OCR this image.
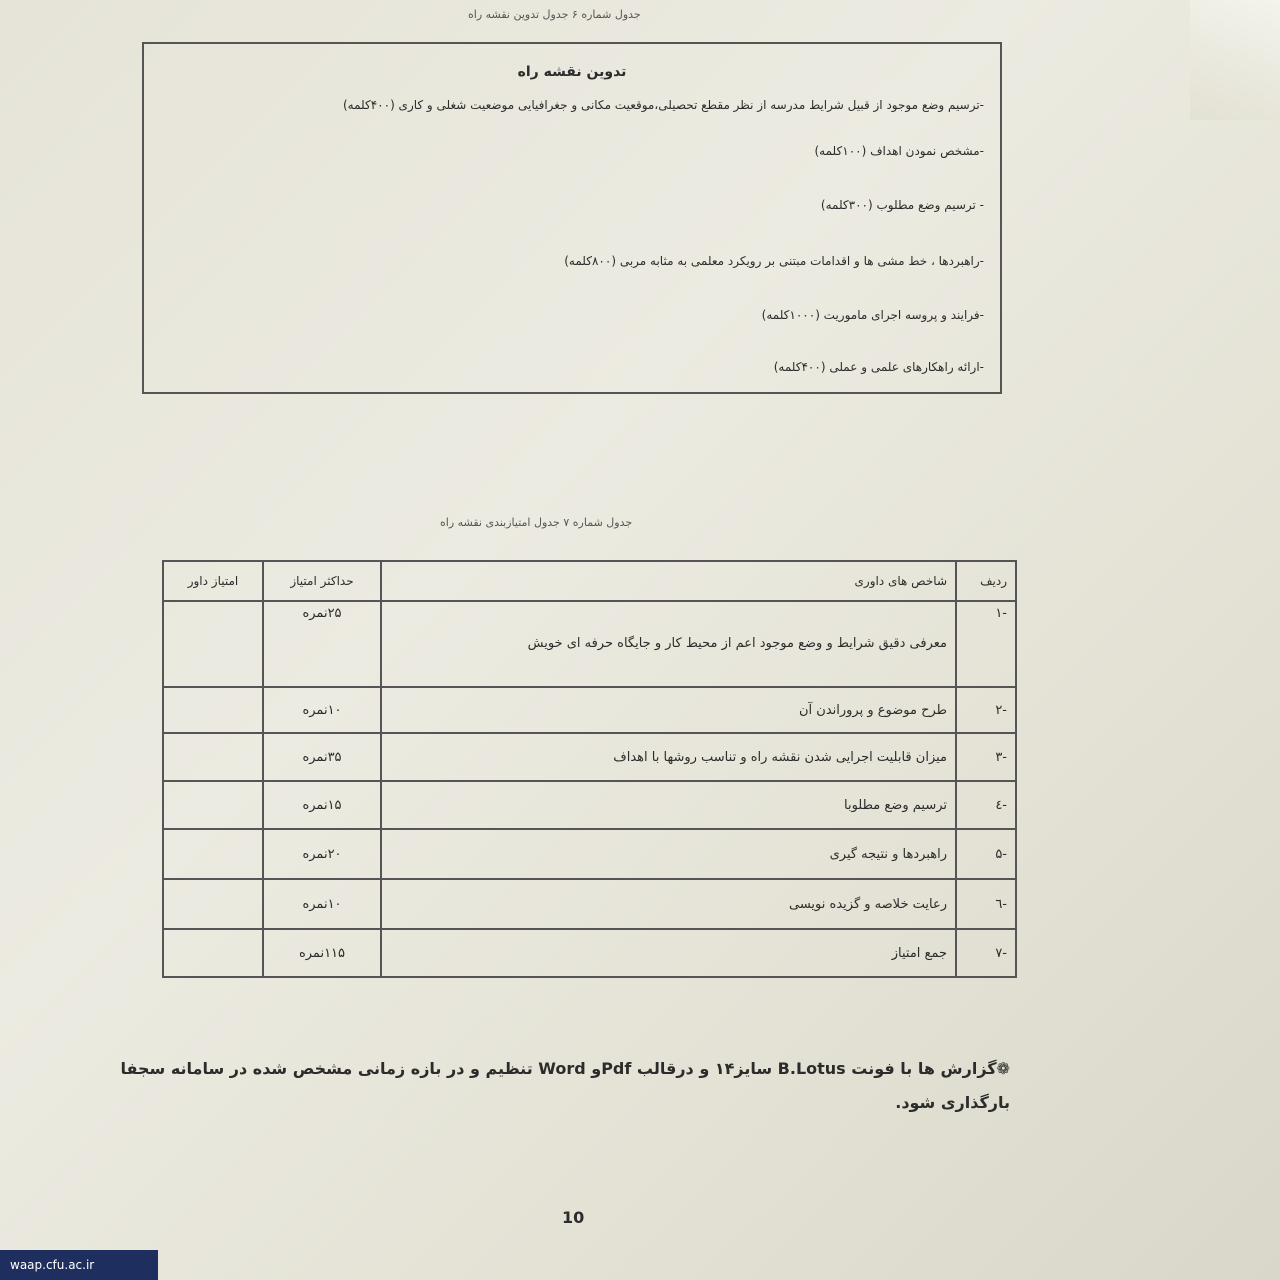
جدول شماره ۶ جدول تدوین نقشه راه
تدوین نقشه راه
-ترسیم وضع موجود از قبیل شرایط مدرسه از نظر مقطع تحصیلی،موقعیت مکانی و جغرافیایی موضعیت شغلی و کاری (۴۰۰کلمه)
-مشخص نمودن اهداف (۱۰۰کلمه)
- ترسیم وضع مطلوب (۳۰۰کلمه)
-راهبردها ، خط مشی ها و اقدامات مبتنی بر رویکرد معلمی به مثابه مربی (۸۰۰کلمه)
-فرایند و پروسه اجرای ماموریت (۱۰۰۰کلمه)
-ارائه راهکارهای علمی و عملی (۴۰۰کلمه)
جدول شماره ۷ جدول امتیازبندی نقشه راه
ردیف	شاخص های داوری	حداکثر امتیاز	امتیاز داور
-۱	معرفی دقیق شرایط و وضع موجود اعم از محیط کار و جایگاه حرفه ای خویش	۲۵نمره	
-۲	طرح موضوع و پروراندن آن	۱۰نمره	
-۳	میزان قابلیت اجرایی شدن نقشه راه و تناسب روشها با اهداف	۳۵نمره	
-٤	ترسیم وضع مطلوبا	۱۵نمره	
-۵	راهبردها و نتیجه گیری	۲۰نمره	
-٦	رعایت خلاصه و گزیده نویسی	۱۰نمره	
-۷	جمع امتیاز	۱۱۵نمره	
❁گزارش ها با فونت B.Lotus سایز۱۴ و درقالب Pdfو Word تنظیم و در بازه زمانی مشخص شده در سامانه سجفا بارگذاری شود.
10
waap.cfu.ac.ir
